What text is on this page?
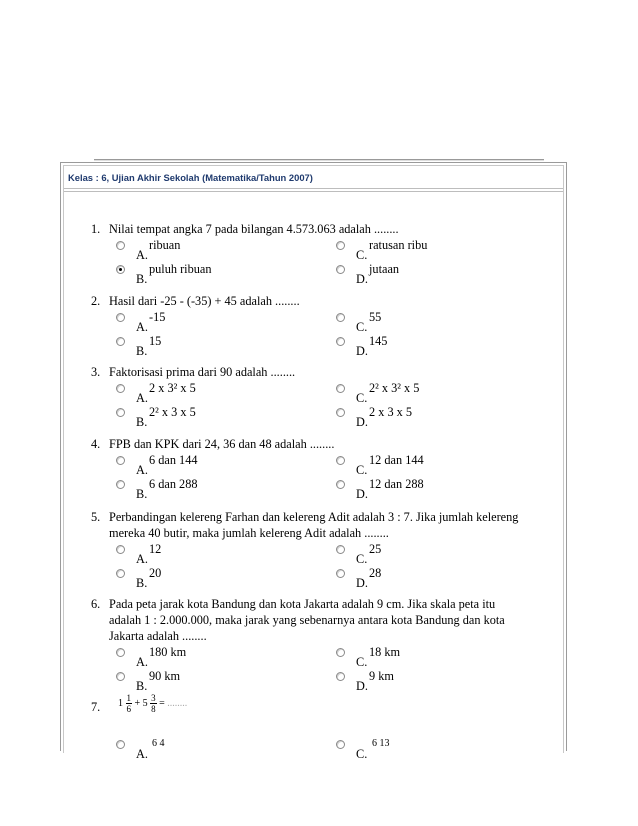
Kelas : 6, Ujian Akhir Sekolah (Matematika/Tahun 2007)
1. Nilai tempat angka 7 pada bilangan 4.573.063 adalah ........
A.
ribuan
C.
ratusan ribu
B.
puluh ribuan
D.
jutaan
2. Hasil dari -25 - (-35) + 45 adalah ........
A.
-15
C.
55
B.
15
D.
145
3. Faktorisasi prima dari 90 adalah ........
A.
2 x 3² x 5
C.
2² x 3² x 5
B.
2² x 3 x 5
D.
2 x 3 x 5
4. FPB dan KPK dari 24, 36 dan 48 adalah ........
A.
6 dan 144
C.
12 dan 144
B.
6 dan 288
D.
12 dan 288
5. Perbandingan kelereng Farhan dan kelereng Adit adalah 3 : 7. Jika jumlah kelereng mereka 40 butir, maka jumlah kelereng Adit adalah ........
A.
12
C.
25
B.
20
D.
28
6. Pada peta jarak kota Bandung dan kota Jakarta adalah 9 cm. Jika skala peta itu adalah 1 : 2.000.000, maka jarak yang sebenarnya antara kota Bandung dan kota Jakarta adalah ........
A.
180 km
C.
18 km
B.
90 km
D.
9 km
7. $1 \frac{1}{6} + 5 \frac{3}{8}$ = ........
A.
6 4
C.
6 13
